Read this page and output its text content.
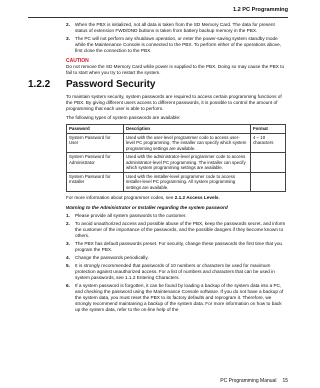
1.2 PC Programming
2.	When the PBX is initialized, not all data is taken from the SD Memory Card. The data for present status of extension FWD/DND buttons is taken from battery backup memory in the PBX.
3.	The PC will not perform any shutdown operation, or enter the power-saving system standby mode while the Maintenance Console is connected to the PBX. To perform either of the operations above, first close the connection to the PBX.
CAUTION
Do not remove the SD Memory Card while power is supplied to the PBX. Doing so may cause the PBX to fail to start when you try to restart the system.
1.2.2	Password Security
To maintain system security, system passwords are required to access certain programming functions of the PBX. By giving different users access to different passwords, it is possible to control the amount of programming that each user is able to perform.
The following types of system passwords are available:
Password	Description	Format
System Password for User	Used with the user-level programmer code to access user-level PC programming. The installer can specify which system programming settings are available.	4 – 10 characters
System Password for Administrator	Used with the administrator-level programmer code to access administrator-level PC programming. The installer can specify which system programming settings are available.	
System Password for Installer	Used with the installer-level programmer code to access installer-level PC programming. All system programming settings are available.	
For more information about programmer codes, see 2.1.2 Access Levels.
Warning to the Administrator or Installer regarding the system password
1.	Please provide all system passwords to the customer.
2.	To avoid unauthorized access and possible abuse of the PBX, keep the passwords secret, and inform the customer of the importance of the passwords, and the possible dangers if they become known to others.
3.	The PBX has default passwords preset. For security, change these passwords the first time that you program the PBX.
4.	Change the passwords periodically.
5.	It is strongly recommended that passwords of 10 numbers or characters be used for maximum protection against unauthorized access. For a list of numbers and characters that can be used in system passwords, see 1.1.2 Entering Characters.
6.	If a system password is forgotten, it can be found by loading a backup of the system data into a PC, and checking the password using the Maintenance Console software. If you do not have a backup of the system data, you must reset the PBX to its factory defaults and reprogram it. Therefore, we strongly recommend maintaining a backup of the system data. For more information on how to back up the system data, refer to the on-line help of the
PC Programming Manual 15
